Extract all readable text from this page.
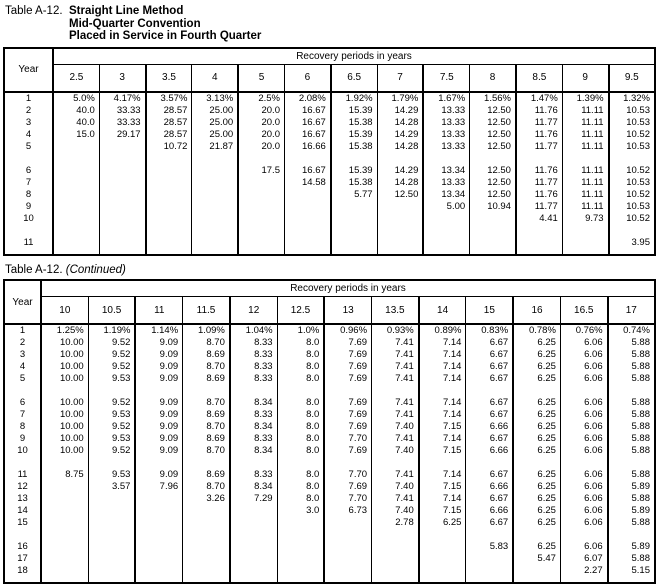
Table A-12. Straight Line Method
Mid-Quarter Convention
Placed in Service in Fourth Quarter
Year	Recovery periods in years												
	2.5	3	3.5	4	5	6	6.5	7	7.5	8	8.5	9	9.5
1	5.0%	4.17%	3.57%	3.13%	2.5%	2.08%	1.92%	1.79%	1.67%	1.56%	1.47%	1.39%	1.32%
2	40.0	33.33	28.57	25.00	20.0	16.67	15.39	14.29	13.33	12.50	11.76	11.11	10.53
3	40.0	33.33	28.57	25.00	20.0	16.67	15.38	14.28	13.33	12.50	11.77	11.11	10.53
4	15.0	29.17	28.57	25.00	20.0	16.67	15.39	14.29	13.33	12.50	11.76	11.11	10.52
5			10.72	21.87	20.0	16.66	15.38	14.28	13.33	12.50	11.77	11.11	10.53

6					17.5	16.67	15.39	14.29	13.34	12.50	11.76	11.11	10.52
7						14.58	15.38	14.28	13.33	12.50	11.77	11.11	10.53
8							5.77	12.50	13.34	12.50	11.76	11.11	10.52
9									5.00	10.94	11.77	11.11	10.53
10											4.41	9.73	10.52

11													3.95

Table A-12. (Continued)
Year	Recovery periods in years												
	10	10.5	11	11.5	12	12.5	13	13.5	14	15	16	16.5	17
1	1.25%	1.19%	1.14%	1.09%	1.04%	1.0%	0.96%	0.93%	0.89%	0.83%	0.78%	0.76%	0.74%
2	10.00	9.52	9.09	8.70	8.33	8.0	7.69	7.41	7.14	6.67	6.25	6.06	5.88
3	10.00	9.52	9.09	8.69	8.33	8.0	7.69	7.41	7.14	6.67	6.25	6.06	5.88
4	10.00	9.52	9.09	8.70	8.33	8.0	7.69	7.41	7.14	6.67	6.25	6.06	5.88
5	10.00	9.53	9.09	8.69	8.33	8.0	7.69	7.41	7.14	6.67	6.25	6.06	5.88

6	10.00	9.52	9.09	8.70	8.34	8.0	7.69	7.41	7.14	6.67	6.25	6.06	5.88
7	10.00	9.53	9.09	8.69	8.33	8.0	7.69	7.41	7.14	6.67	6.25	6.06	5.88
8	10.00	9.52	9.09	8.70	8.34	8.0	7.69	7.40	7.15	6.66	6.25	6.06	5.88
9	10.00	9.53	9.09	8.69	8.33	8.0	7.70	7.41	7.14	6.67	6.25	6.06	5.88
10	10.00	9.52	9.09	8.70	8.34	8.0	7.69	7.40	7.15	6.66	6.25	6.06	5.88

11	8.75	9.53	9.09	8.69	8.33	8.0	7.70	7.41	7.14	6.67	6.25	6.06	5.88
12		3.57	7.96	8.70	8.34	8.0	7.69	7.40	7.15	6.66	6.25	6.06	5.89
13				3.26	7.29	8.0	7.70	7.41	7.14	6.67	6.25	6.06	5.88
14						3.0	6.73	7.40	7.15	6.66	6.25	6.06	5.89
15								2.78	6.25	6.67	6.25	6.06	5.88

16										5.83	6.25	6.06	5.89
17											5.47	6.07	5.88
18												2.27	5.15
